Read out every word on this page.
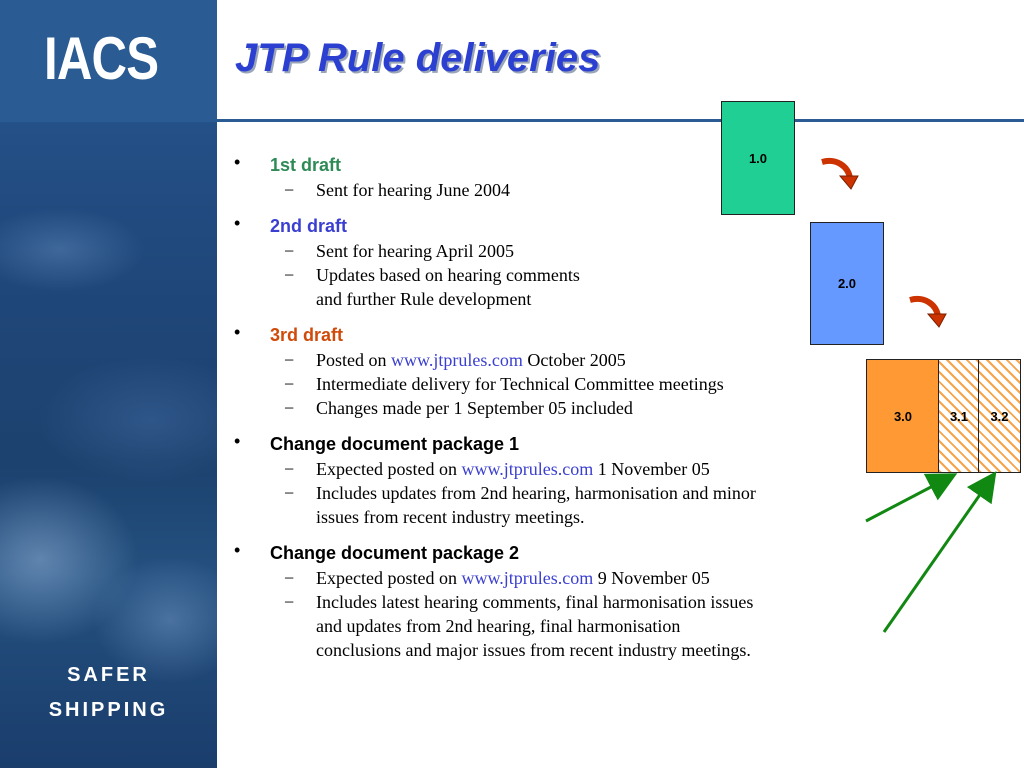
IACS
SAFER
SHIPPING
JTP Rule deliveries
• 1st draft
− Sent for hearing June 2004
• 2nd draft
− Sent for hearing April 2005
− Updates based on hearing comments
and further Rule development
• 3rd draft
− Posted on www.jtprules.com October 2005
− Intermediate delivery for Technical Committee meetings
− Changes made per 1 September 05 included
• Change document package 1
− Expected posted on www.jtprules.com 1 November 05
− Includes updates from 2nd hearing, harmonisation and minor
issues from recent industry meetings.
• Change document package 2
− Expected posted on www.jtprules.com 9 November 05
− Includes latest hearing comments, final harmonisation issues
and updates from 2nd hearing, final harmonisation
conclusions and major issues from recent industry meetings.
1.0
2.0
3.0	3.1	3.2
